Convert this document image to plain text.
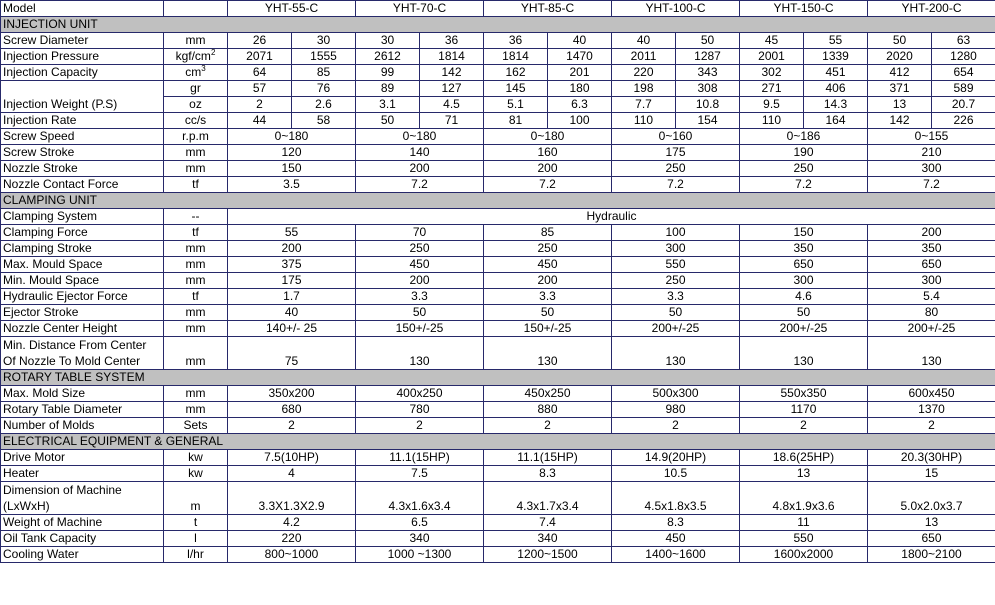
Model		YHT-55-C		YHT-70-C		YHT-85-C		YHT-100-C		YHT-150-C		YHT-200-C	
INJECTION UNIT													
Screw Diameter	mm	26	30	30	36	36	40	40	50	45	55	50	63
Injection Pressure	kgf/$cm^2$	2071	1555	2612	1814	1814	1470	2011	1287	2001	1339	2020	1280
Injection Capacity	$cm^3$	64	85	99	142	162	201	220	343	302	451	412	654
Injection Weight (P.S)	gr	57	76	89	127	145	180	198	308	271	406	371	589
	oz	2	2.6	3.1	4.5	5.1	6.3	7.7	10.8	9.5	14.3	13	20.7
Injection Rate	cc/s	44	58	50	71	81	100	110	154	110	164	142	226
Screw Speed	r.p.m	0~180		0~180		0~180		0~160		0~186		0~155	
Screw Stroke	mm	120		140		160		175		190		210	
Nozzle Stroke	mm	150		200		200		250		250		300	
Nozzle Contact Force	tf	3.5		7.2		7.2		7.2		7.2		7.2	
CLAMPING UNIT													
Clamping System	--	Hydraulic											
Clamping Force	tf	55		70		85		100		150		200	
Clamping Stroke	mm	200		250		250		300		350		350	
Max. Mould Space	mm	375		450		450		550		650		650	
Min. Mould Space	mm	175		200		200		250		300		300	
Hydraulic Ejector Force	tf	1.7		3.3		3.3		3.3		4.6		5.4	
Ejector Stroke	mm	40		50		50		50		50		80	
Nozzle Center Height	mm	140+/- 25		150+/-25		150+/-25		200+/-25		200+/-25		200+/-25	

Min. Distance From Center
Of Nozzle To Mold Center	mm	75		130		130		130		130		130	
ROTARY TABLE SYSTEM													
Max. Mold Size	mm	350x200		400x250		450x250		500x300		550x350		600x450	
Rotary Table Diameter	mm	680		780		880		980		1170		1370	
Number of Molds	Sets	2		2		2		2		2		2	
ELECTRICAL EQUIPMENT & GENERAL													
Drive Motor	kw	7.5(10HP)		11.1(15HP)		11.1(15HP)		14.9(20HP)		18.6(25HP)		20.3(30HP)	
Heater	kw	4		7.5		8.3		10.5		13		15	

Dimension of Machine
(LxWxH)	m	3.3X1.3X2.9		4.3x1.6x3.4		4.3x1.7x3.4		4.5x1.8x3.5		4.8x1.9x3.6		5.0x2.0x3.7	
Weight of Machine	t	4.2		6.5		7.4		8.3		11		13	
Oil Tank Capacity	l	220		340		340		450		550		650	
Cooling Water	l/hr	800~1000		1000 ~1300		1200~1500		1400~1600		1600x2000		1800~2100	
